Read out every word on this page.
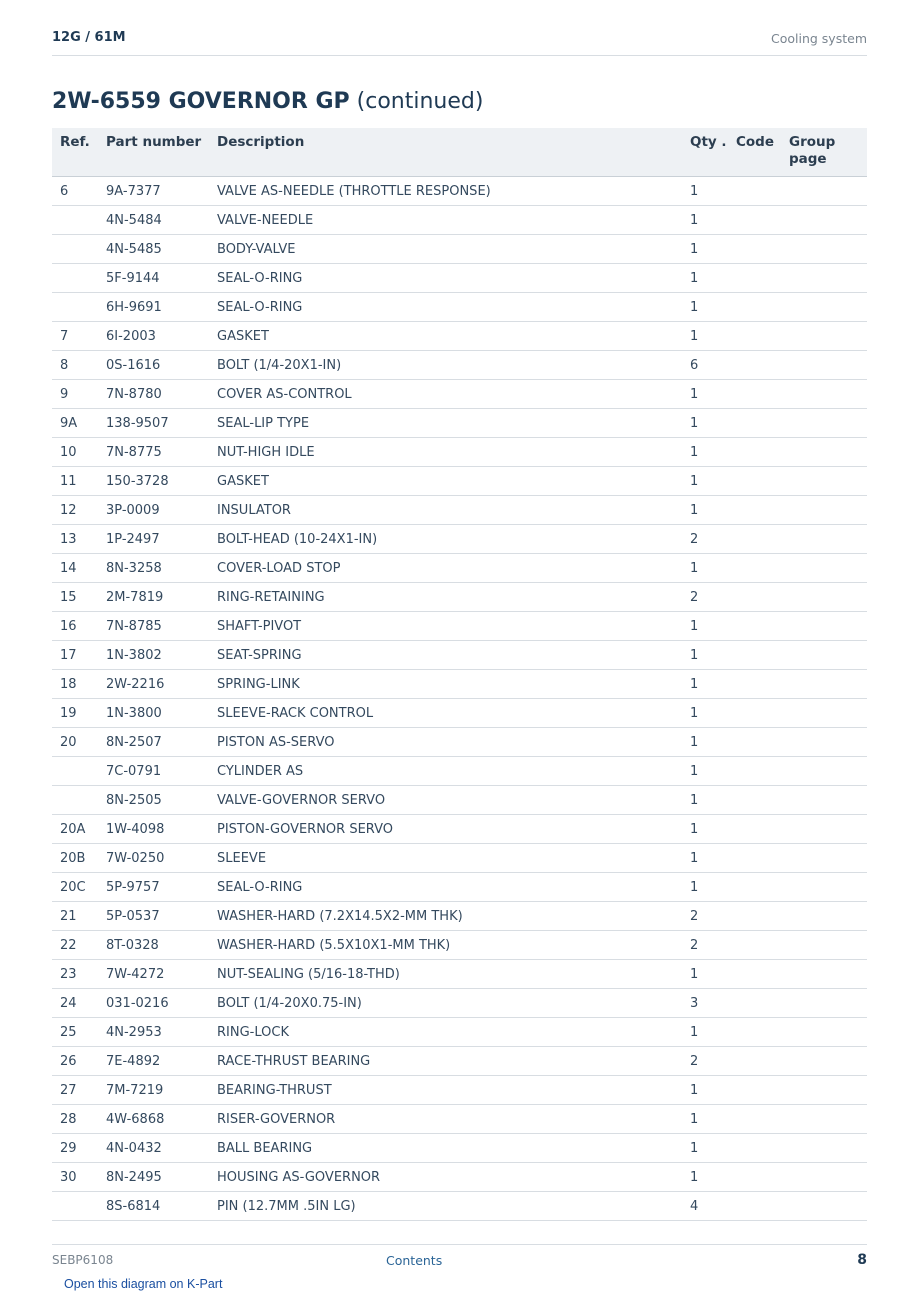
12G / 61M	Cooling system
2W-6559 GOVERNOR GP (continued)
Ref.	Part number	Description	Qty .	Code	Group page
6	9A-7377	VALVE AS-NEEDLE (THROTTLE RESPONSE)	1		
	4N-5484	VALVE-NEEDLE	1		
	4N-5485	BODY-VALVE	1		
	5F-9144	SEAL-O-RING	1		
	6H-9691	SEAL-O-RING	1		
7	6I-2003	GASKET	1		
8	0S-1616	BOLT (1/4-20X1-IN)	6		
9	7N-8780	COVER AS-CONTROL	1		
9A	138-9507	SEAL-LIP TYPE	1		
10	7N-8775	NUT-HIGH IDLE	1		
11	150-3728	GASKET	1		
12	3P-0009	INSULATOR	1		
13	1P-2497	BOLT-HEAD (10-24X1-IN)	2		
14	8N-3258	COVER-LOAD STOP	1		
15	2M-7819	RING-RETAINING	2		
16	7N-8785	SHAFT-PIVOT	1		
17	1N-3802	SEAT-SPRING	1		
18	2W-2216	SPRING-LINK	1		
19	1N-3800	SLEEVE-RACK CONTROL	1		
20	8N-2507	PISTON AS-SERVO	1		
	7C-0791	CYLINDER AS	1		
	8N-2505	VALVE-GOVERNOR SERVO	1		
20A	1W-4098	PISTON-GOVERNOR SERVO	1		
20B	7W-0250	SLEEVE	1		
20C	5P-9757	SEAL-O-RING	1		
21	5P-0537	WASHER-HARD (7.2X14.5X2-MM THK)	2		
22	8T-0328	WASHER-HARD (5.5X10X1-MM THK)	2		
23	7W-4272	NUT-SEALING (5/16-18-THD)	1		
24	031-0216	BOLT (1/4-20X0.75-IN)	3		
25	4N-2953	RING-LOCK	1		
26	7E-4892	RACE-THRUST BEARING	2		
27	7M-7219	BEARING-THRUST	1		
28	4W-6868	RISER-GOVERNOR	1		
29	4N-0432	BALL BEARING	1		
30	8N-2495	HOUSING AS-GOVERNOR	1		
	8S-6814	PIN (12.7MM .5IN LG)	4		
SEBP6108	Contents	8
Open this diagram on K-Part
